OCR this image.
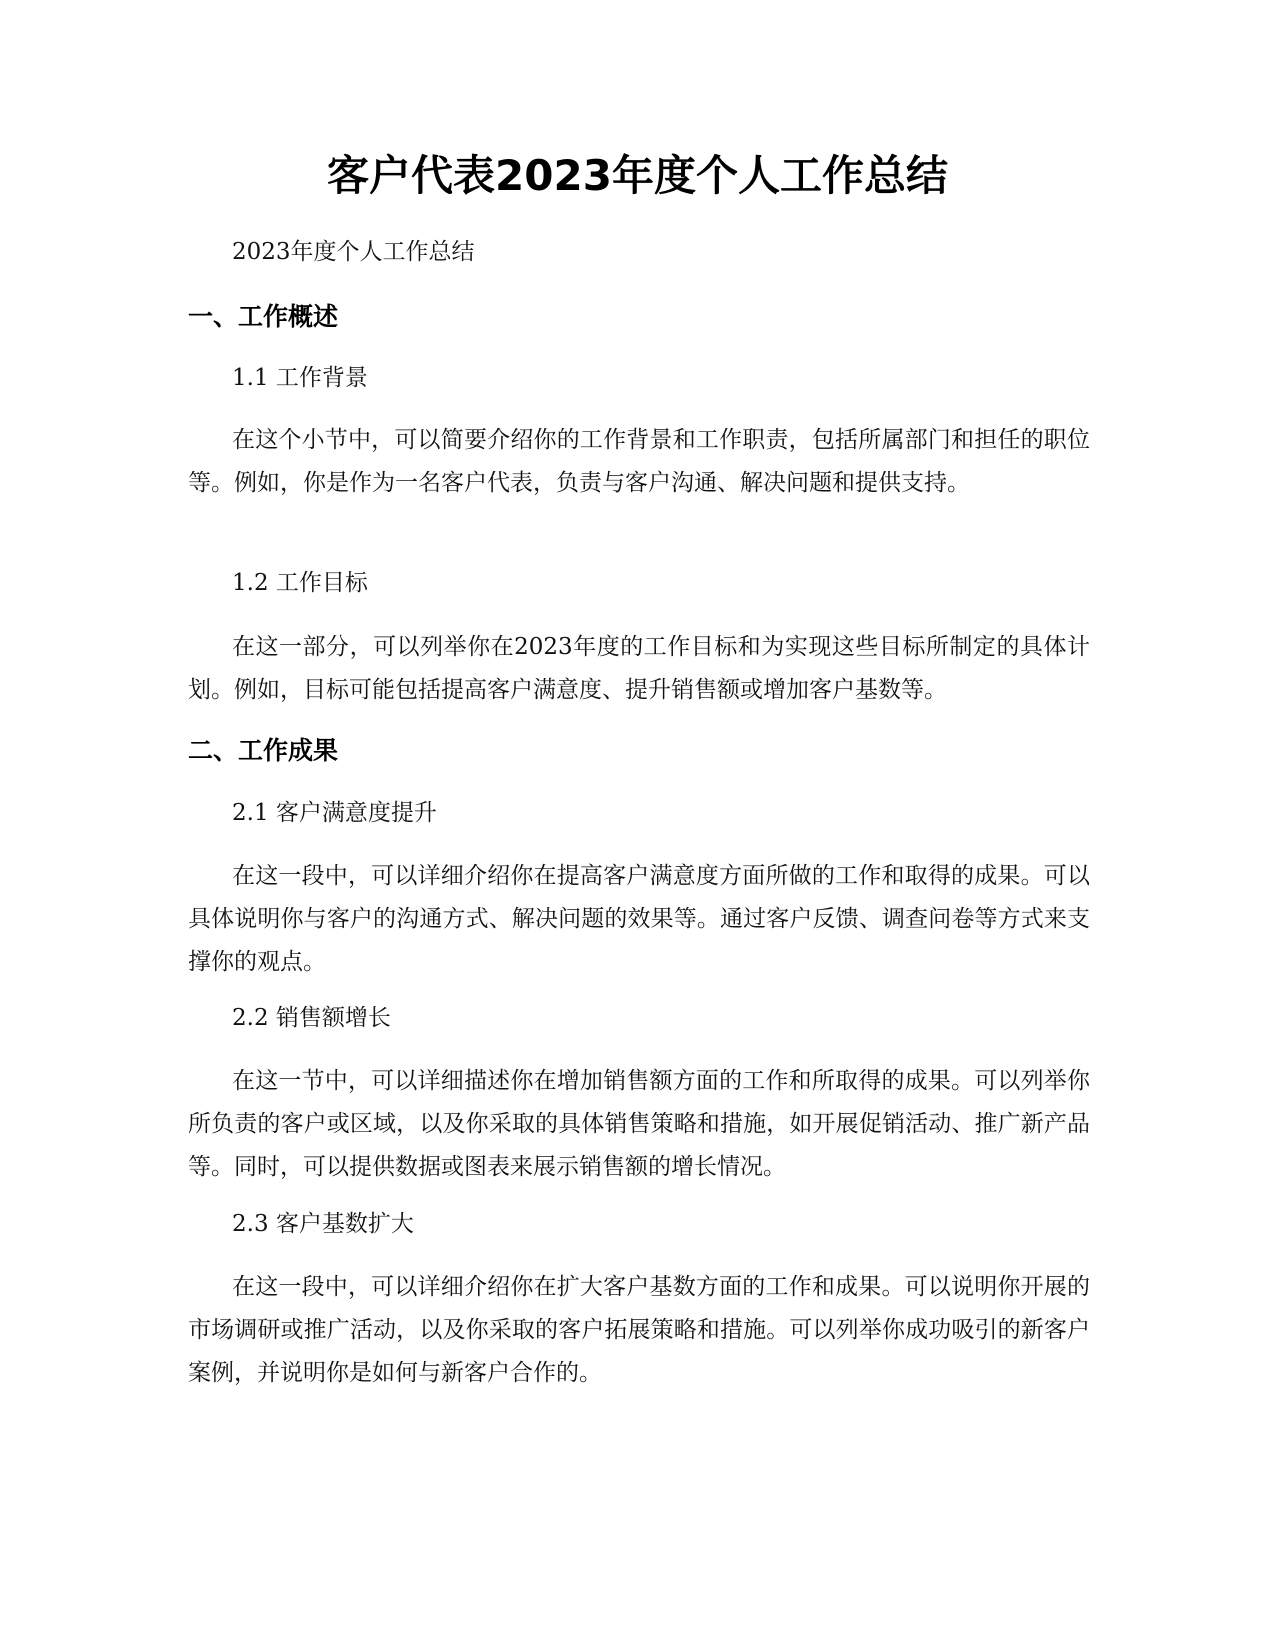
客户代表2023年度个人工作总结

2023年度个人工作总结

一、工作概述

1.1 工作背景

在这个小节中，可以简要介绍你的工作背景和工作职责，包括所属部门和担任的职位等。例如，你是作为一名客户代表，负责与客户沟通、解决问题和提供支持。

1.2 工作目标

在这一部分，可以列举你在2023年度的工作目标和为实现这些目标所制定的具体计划。例如，目标可能包括提高客户满意度、提升销售额或增加客户基数等。

二、工作成果

2.1 客户满意度提升

在这一段中，可以详细介绍你在提高客户满意度方面所做的工作和取得的成果。可以具体说明你与客户的沟通方式、解决问题的效果等。通过客户反馈、调查问卷等方式来支撑你的观点。

2.2 销售额增长

在这一节中，可以详细描述你在增加销售额方面的工作和所取得的成果。可以列举你所负责的客户或区域，以及你采取的具体销售策略和措施，如开展促销活动、推广新产品等。同时，可以提供数据或图表来展示销售额的增长情况。

2.3 客户基数扩大

在这一段中，可以详细介绍你在扩大客户基数方面的工作和成果。可以说明你开展的市场调研或推广活动，以及你采取的客户拓展策略和措施。可以列举你成功吸引的新客户案例，并说明你是如何与新客户合作的。
